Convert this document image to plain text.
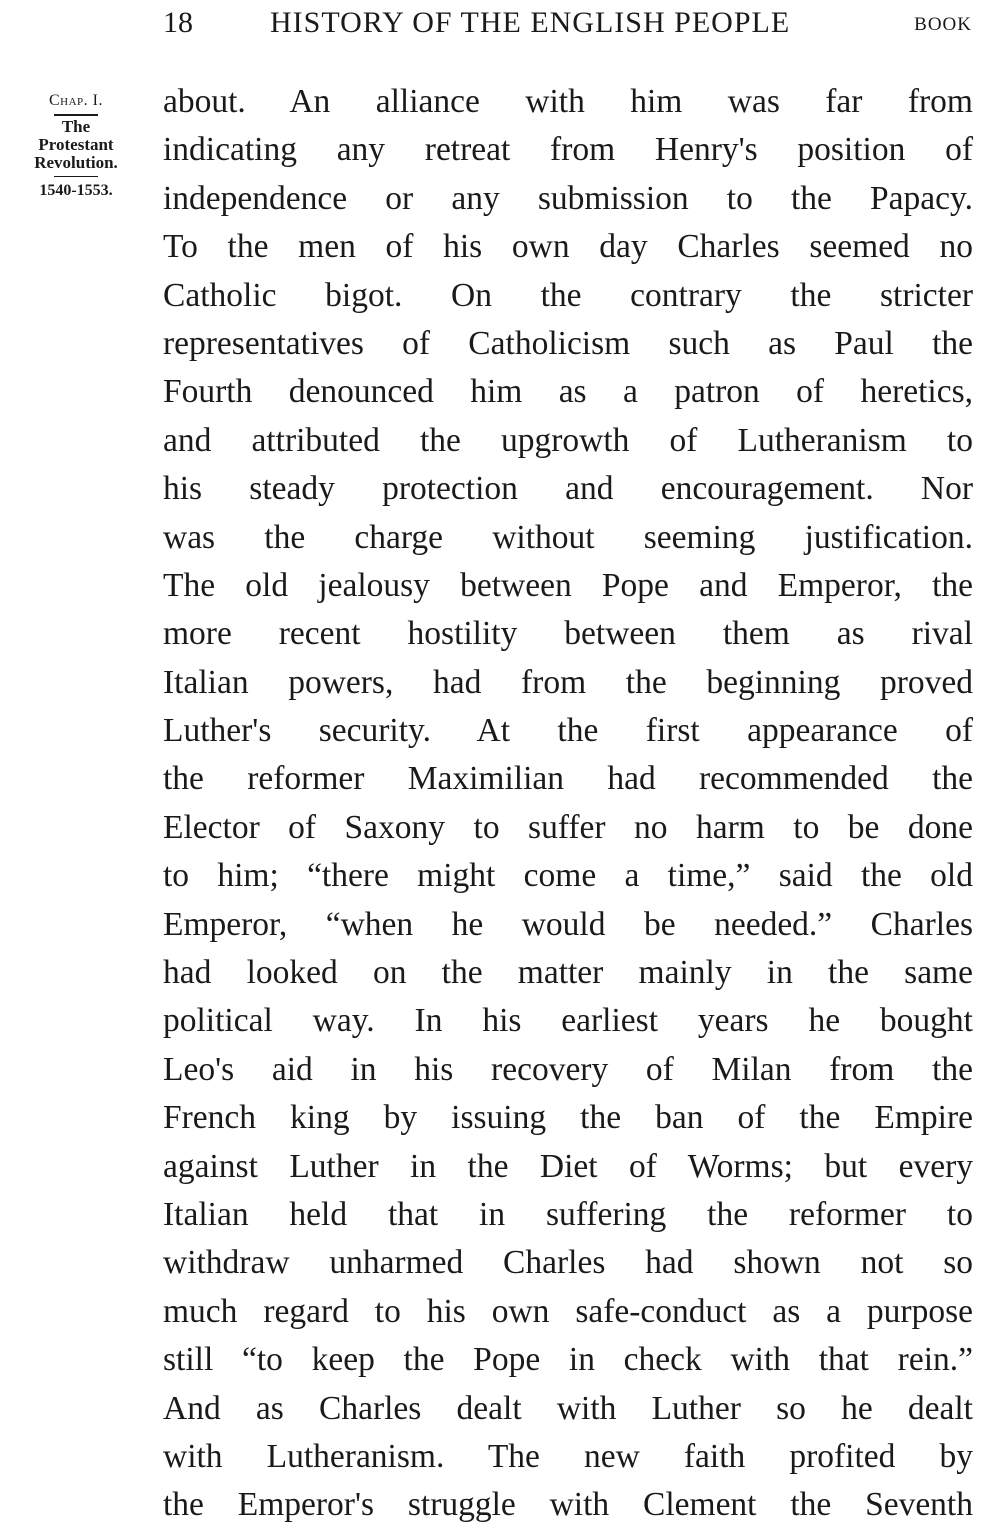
18	HISTORY OF THE ENGLISH PEOPLE	BOOK
Chap. I.
The
Protestant
Revolution.
1540-1553.
about. An alliance with him was far from
indicating any retreat from Henry's position of
independence or any submission to the Papacy.
To the men of his own day Charles seemed no
Catholic bigot. On the contrary the stricter
representatives of Catholicism such as Paul the
Fourth denounced him as a patron of heretics,
and attributed the upgrowth of Lutheranism to
his steady protection and encouragement. Nor
was the charge without seeming justification.
The old jealousy between Pope and Emperor, the
more recent hostility between them as rival
Italian powers, had from the beginning proved
Luther's security. At the first appearance of
the reformer Maximilian had recommended the
Elector of Saxony to suffer no harm to be done
to him; “there might come a time,” said the old
Emperor, “when he would be needed.” Charles
had looked on the matter mainly in the same
political way. In his earliest years he bought
Leo's aid in his recovery of Milan from the
French king by issuing the ban of the Empire
against Luther in the Diet of Worms; but every
Italian held that in suffering the reformer to
withdraw unharmed Charles had shown not so
much regard to his own safe-conduct as a purpose
still “to keep the Pope in check with that rein.”
And as Charles dealt with Luther so he dealt
with Lutheranism. The new faith profited by
the Emperor's struggle with Clement the Seventh
